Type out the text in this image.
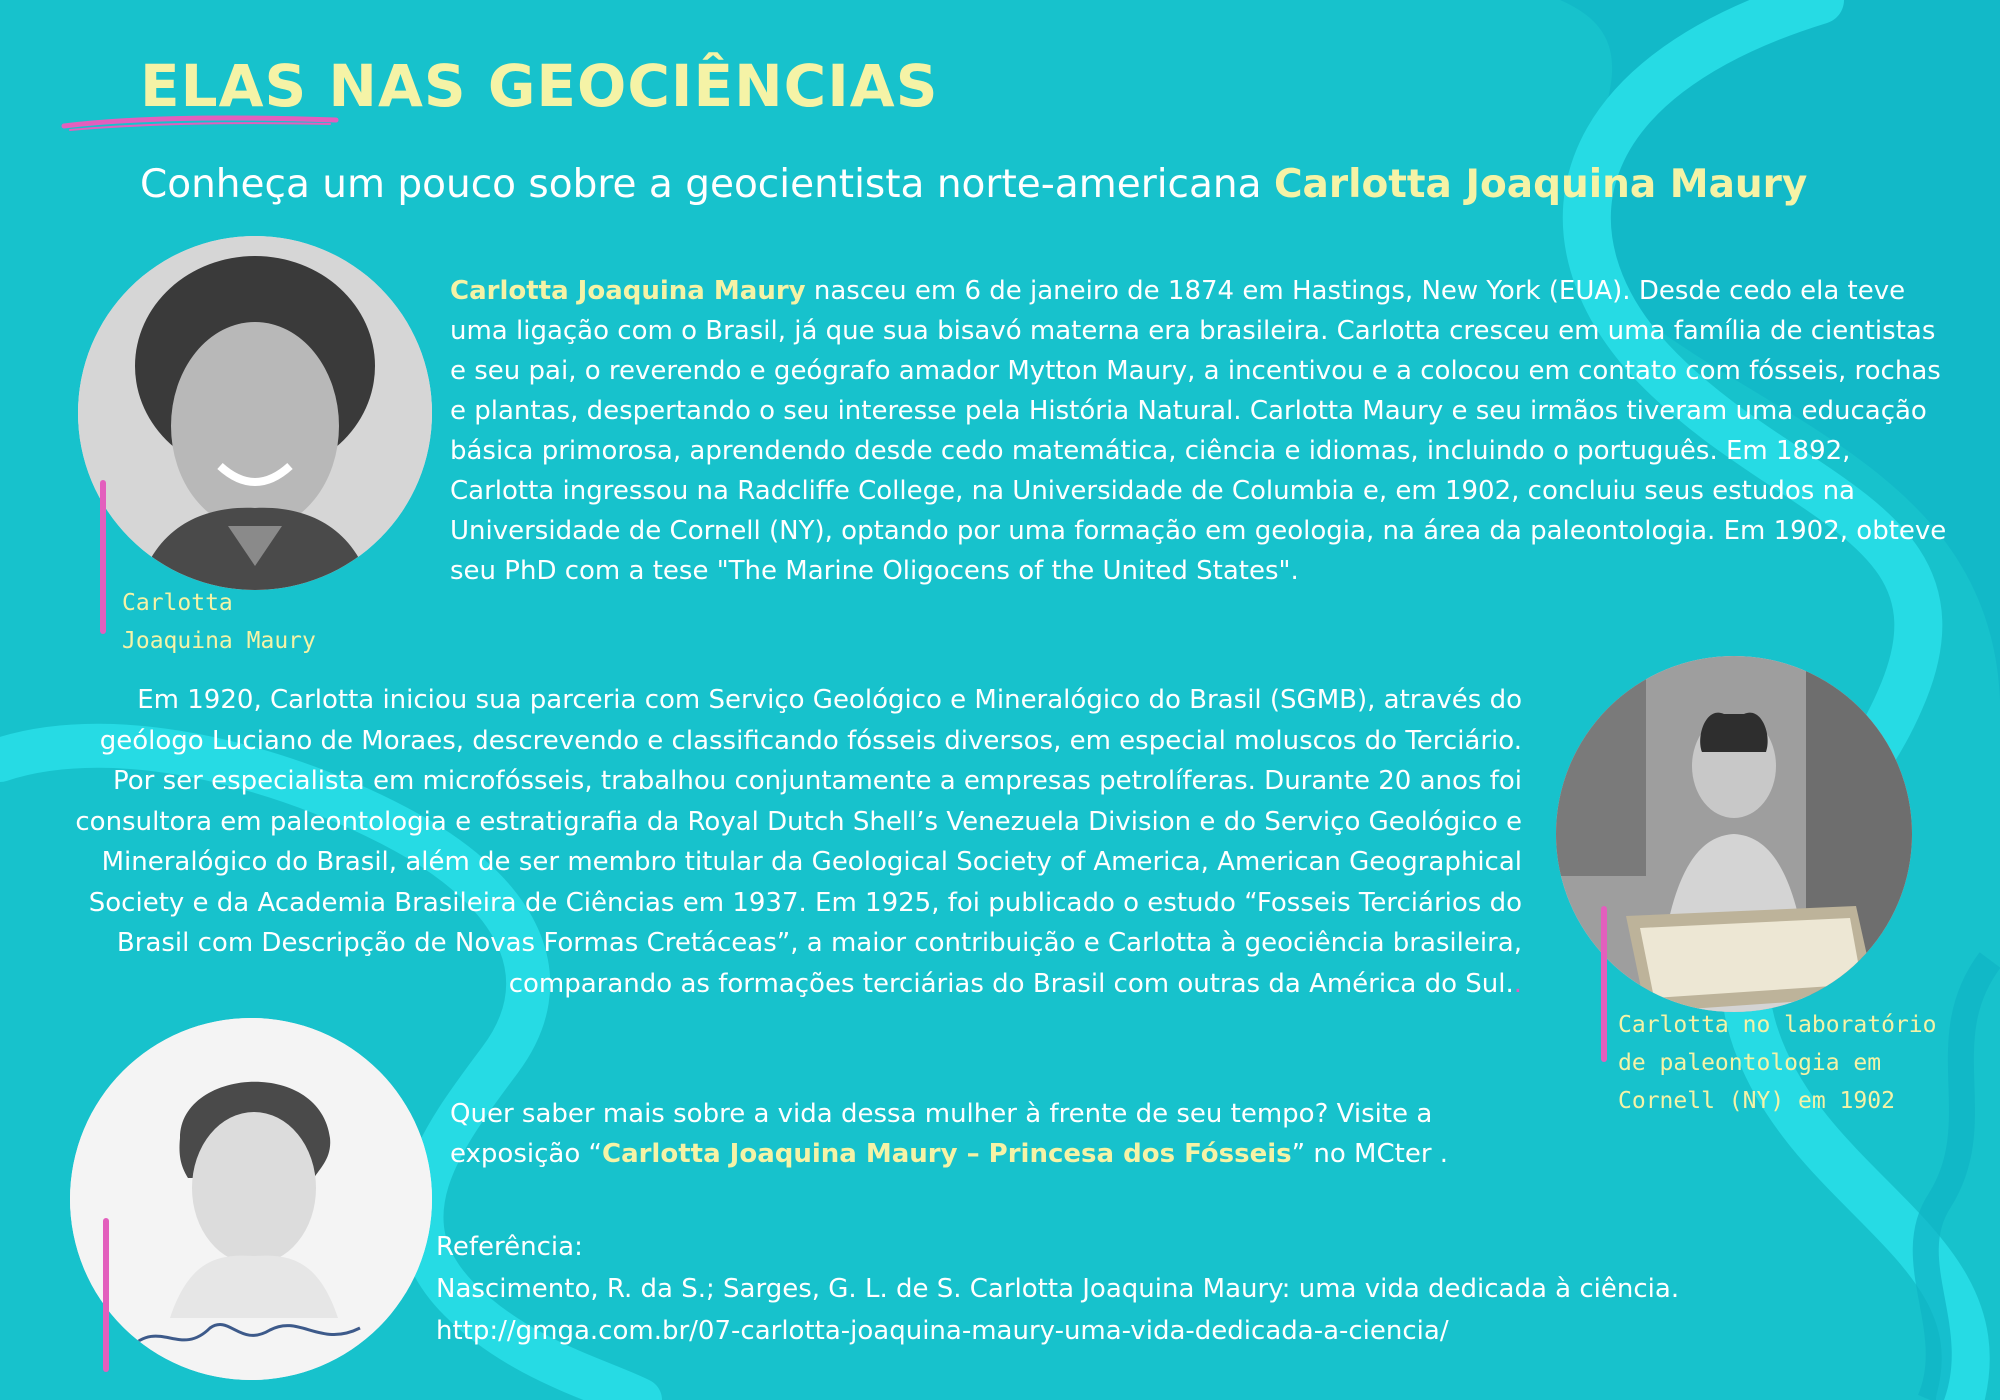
ELAS NAS GEOCIÊNCIAS

Conheça um pouco sobre a geocientista norte-americana Carlotta Joaquina Maury

Carlotta
Joaquina Maury

Carlotta no laboratório
de paleontologia em
Cornell (NY) em 1902

Carlotta Joaquina Maury nasceu em 6 de janeiro de 1874 em Hastings, New York (EUA). Desde cedo ela teve uma ligação com o Brasil, já que sua bisavó materna era brasileira. Carlotta cresceu em uma família de cientistas e seu pai, o reverendo e geógrafo amador Mytton Maury, a incentivou e a colocou em contato com fósseis, rochas e plantas, despertando o seu interesse pela História Natural. Carlotta Maury e seu irmãos tiveram uma educação básica primorosa, aprendendo desde cedo matemática, ciência e idiomas, incluindo o português. Em 1892, Carlotta ingressou na Radcliffe College, na Universidade de Columbia e, em 1902, concluiu seus estudos na Universidade de Cornell (NY), optando por uma formação em geologia, na área da paleontologia. Em 1902, obteve seu PhD com a tese "The Marine Oligocens of the United States".

Em 1920, Carlotta iniciou sua parceria com Serviço Geológico e Mineralógico do Brasil (SGMB), através do geólogo Luciano de Moraes, descrevendo e classificando fósseis diversos, em especial moluscos do Terciário. Por ser especialista em microfósseis, trabalhou conjuntamente a empresas petrolíferas. Durante 20 anos foi consultora em paleontologia e estratigrafia da Royal Dutch Shell’s Venezuela Division e do Serviço Geológico e Mineralógico do Brasil, além de ser membro titular da Geological Society of America, American Geographical Society e da Academia Brasileira de Ciências em 1937. Em 1925, foi publicado o estudo “Fosseis Terciários do Brasil com Descripção de Novas Formas Cretáceas”, a maior contribuição e Carlotta à geociência brasileira, comparando as formações terciárias do Brasil com outras da América do Sul..

Quer saber mais sobre a vida dessa mulher à frente de seu tempo? Visite a exposição “Carlotta Joaquina Maury – Princesa dos Fósseis” no MCter .

Referência:
Nascimento, R. da S.; Sarges, G. L. de S. Carlotta Joaquina Maury: uma vida dedicada à ciência.
http://gmga.com.br/07-carlotta-joaquina-maury-uma-vida-dedicada-a-ciencia/
